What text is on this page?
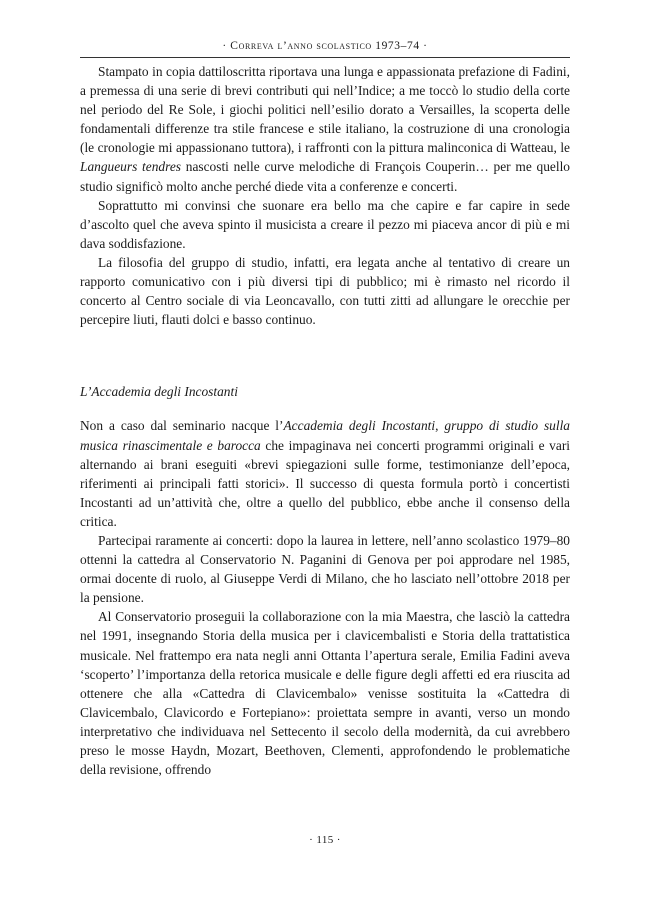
· Correva l’anno scolastico 1973–74 ·

Stampato in copia dattiloscritta riportava una lunga e appassionata prefazione di Fadini, a premessa di una serie di brevi contributi qui nell’Indice; a me toccò lo studio della corte nel periodo del Re Sole, i giochi politici nell’esilio dorato a Versailles, la scoperta delle fondamentali differenze tra stile francese e stile italiano, la costruzione di una cronologia (le cronologie mi appassionano tuttora), i raffronti con la pittura malinconica di Watteau, le Langueurs tendres nascosti nelle curve melodiche di François Couperin… per me quello studio significò molto anche perché diede vita a conferenze e concerti.

Soprattutto mi convinsi che suonare era bello ma che capire e far capire in sede d’ascolto quel che aveva spinto il musicista a creare il pezzo mi piaceva ancor di più e mi dava soddisfazione.

La filosofia del gruppo di studio, infatti, era legata anche al tentativo di creare un rapporto comunicativo con i più diversi tipi di pubblico; mi è rimasto nel ricordo il concerto al Centro sociale di via Leoncavallo, con tutti zitti ad allungare le orecchie per percepire liuti, flauti dolci e basso continuo.

L’Accademia degli Incostanti

Non a caso dal seminario nacque l’Accademia degli Incostanti, gruppo di studio sulla musica rinascimentale e barocca che impaginava nei concerti programmi originali e vari alternando ai brani eseguiti «brevi spiegazioni sulle forme, testimonianze dell’epoca, riferimenti ai principali fatti storici». Il successo di questa formula portò i concertisti Incostanti ad un’attività che, oltre a quello del pubblico, ebbe anche il consenso della critica.

Partecipai raramente ai concerti: dopo la laurea in lettere, nell’anno scolastico 1979–80 ottenni la cattedra al Conservatorio N. Paganini di Genova per poi approdare nel 1985, ormai docente di ruolo, al Giuseppe Verdi di Milano, che ho lasciato nell’ottobre 2018 per la pensione.

Al Conservatorio proseguii la collaborazione con la mia Maestra, che lasciò la cattedra nel 1991, insegnando Storia della musica per i clavicembalisti e Storia della trattatistica musicale. Nel frattempo era nata negli anni Ottanta l’apertura serale, Emilia Fadini aveva ‘scoperto’ l’importanza della retorica musicale e delle figure degli affetti ed era riuscita ad ottenere che alla «Cattedra di Clavicembalo» venisse sostituita la «Cattedra di Clavicembalo, Clavicordo e Fortepiano»: proiettata sempre in avanti, verso un mondo interpretativo che individuava nel Settecento il secolo della modernità, da cui avrebbero preso le mosse Haydn, Mozart, Beethoven, Clementi, approfondendo le problematiche della revisione, offrendo

· 115 ·
